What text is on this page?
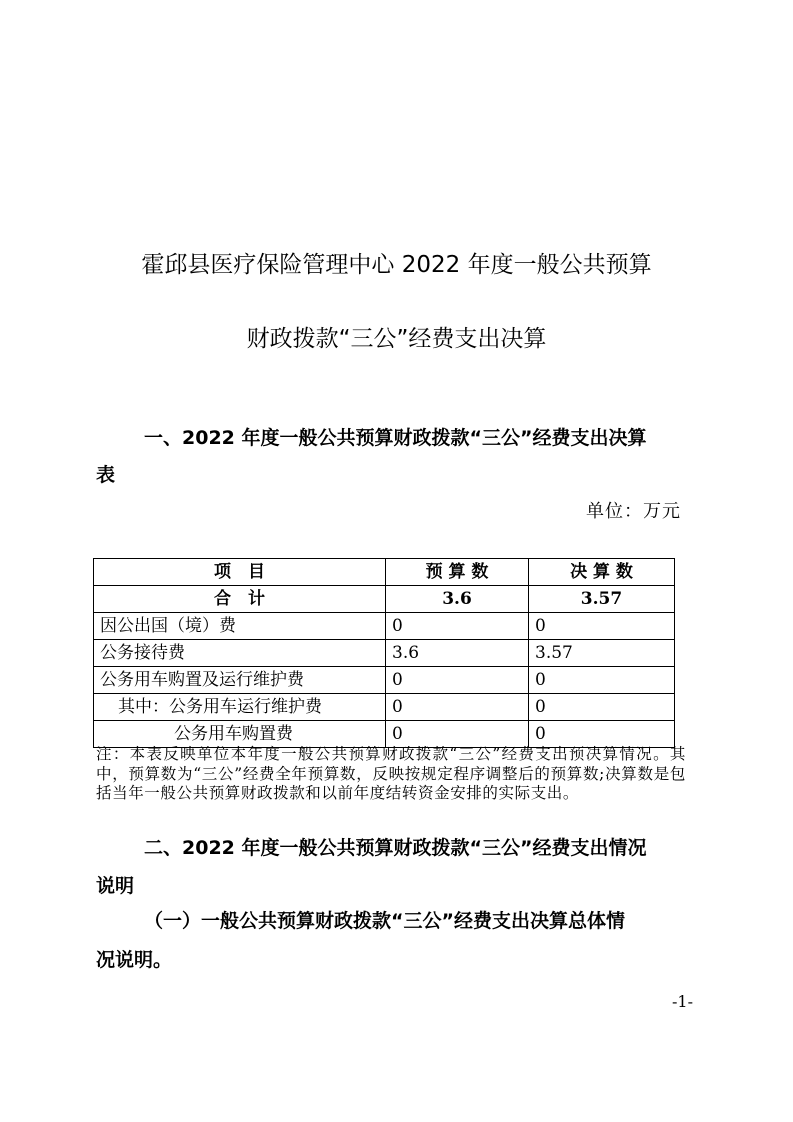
霍邱县医疗保险管理中心 2022 年度一般公共预算
财政拨款“三公”经费支出决算
一、2022 年度一般公共预算财政拨款“三公”经费支出决算
表
单位：万元
项　目	预 算 数	决 算 数
合　计	3.6	3.57
因公出国（境）费	0	0
公务接待费	3.6	3.57
公务用车购置及运行维护费	0	0
其中：公务用车运行维护费	0	0
公务用车购置费	0	0
注：本表反映单位本年度一般公共预算财政拨款“三公”经费支出预决算情况。其中，预算数为“三公”经费全年预算数，反映按规定程序调整后的预算数;决算数是包括当年一般公共预算财政拨款和以前年度结转资金安排的实际支出。
二、2022 年度一般公共预算财政拨款“三公”经费支出情况
说明
（一）一般公共预算财政拨款“三公”经费支出决算总体情
况说明。
-1-
